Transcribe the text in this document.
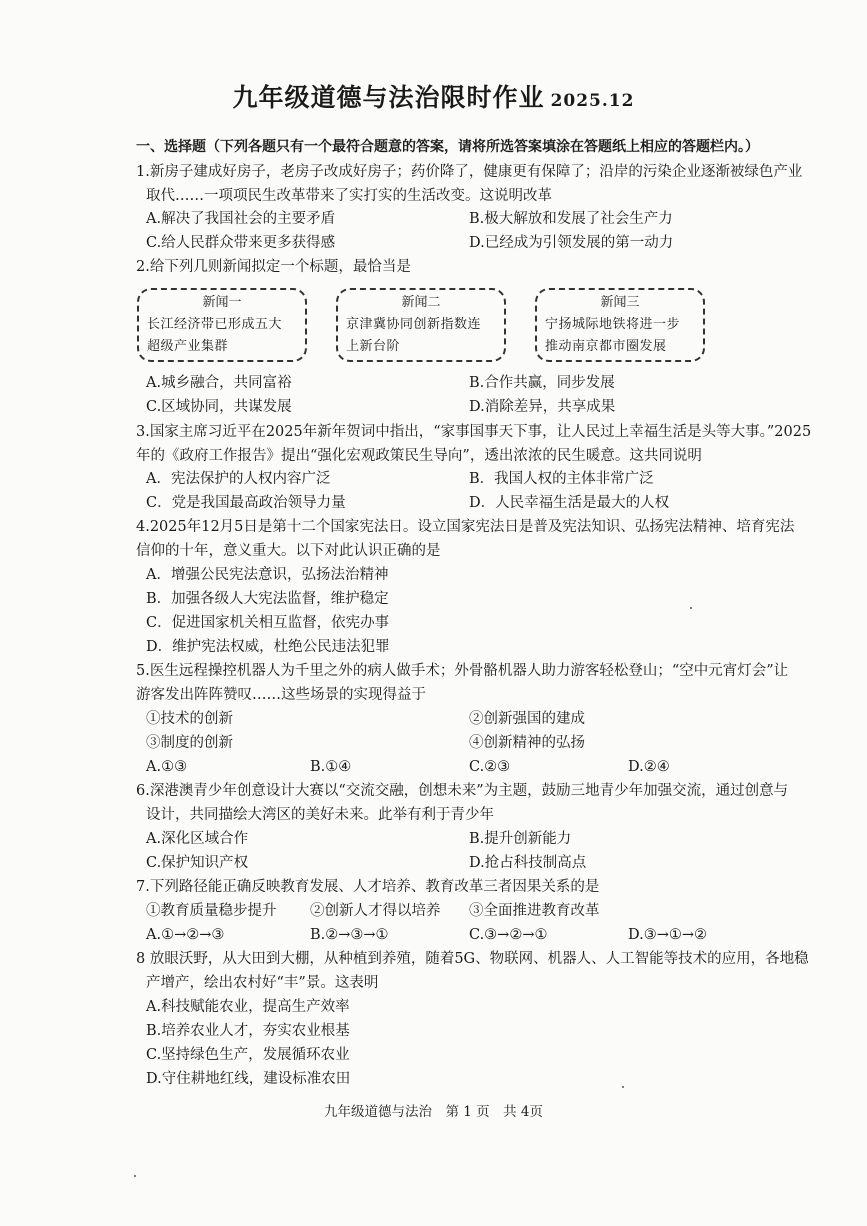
九年级道德与法治限时作业 2025.12
一、选择题（下列各题只有一个最符合题意的答案，请将所选答案填涂在答题纸上相应的答题栏内。）
1.新房子建成好房子，老房子改成好房子；药价降了，健康更有保障了；沿岸的污染企业逐渐被绿色产业
取代……一项项民生改革带来了实打实的生活改变。这说明改革
A.解决了我国社会的主要矛盾	B.极大解放和发展了社会生产力
C.给人民群众带来更多获得感	D.已经成为引领发展的第一动力
2.给下列几则新闻拟定一个标题，最恰当是
新闻一
长江经济带已形成五大
超级产业集群
新闻二
京津冀协同创新指数连
上新台阶
新闻三
宁扬城际地铁将进一步
推动南京都市圈发展
A.城乡融合，共同富裕	B.合作共赢，同步发展
C.区域协同，共谋发展	D.消除差异，共享成果
3.国家主席习近平在2025年新年贺词中指出，“家事国事天下事，让人民过上幸福生活是头等大事。”2025
年的《政府工作报告》提出“强化宏观政策民生导向”，透出浓浓的民生暖意。这共同说明
A．宪法保护的人权内容广泛	B．我国人权的主体非常广泛
C．党是我国最高政治领导力量	D．人民幸福生活是最大的人权
4.2025年12月5日是第十二个国家宪法日。设立国家宪法日是普及宪法知识、弘扬宪法精神、培育宪法
信仰的十年，意义重大。以下对此认识正确的是
A．增强公民宪法意识，弘扬法治精神
B．加强各级人大宪法监督，维护稳定
C．促进国家机关相互监督，依宪办事
D．维护宪法权威，杜绝公民违法犯罪
5.医生远程操控机器人为千里之外的病人做手术；外骨骼机器人助力游客轻松登山；“空中元宵灯会”让
游客发出阵阵赞叹……这些场景的实现得益于
①技术的创新	②创新强国的建成
③制度的创新	④创新精神的弘扬
A.①③	B.①④	C.②③	D.②④
6.深港澳青少年创意设计大赛以“交流交融，创想未来”为主题，鼓励三地青少年加强交流，通过创意与
设计，共同描绘大湾区的美好未来。此举有利于青少年
A.深化区域合作	B.提升创新能力
C.保护知识产权	D.抢占科技制高点
7.下列路径能正确反映教育发展、人才培养、教育改革三者因果关系的是
①教育质量稳步提升 ②创新人才得以培养 ③全面推进教育改革
A.①→②→③	B.②→③→①	C.③→②→①	D.③→①→②
8 放眼沃野，从大田到大棚，从种植到养殖，随着5G、物联网、机器人、人工智能等技术的应用，各地稳
产增产，绘出农村好“丰”景。这表明
A.科技赋能农业，提高生产效率
B.培养农业人才，夯实农业根基
C.坚持绿色生产，发展循环农业
D.守住耕地红线，建设标准农田
九年级道德与法治　第 1 页　共 4页
